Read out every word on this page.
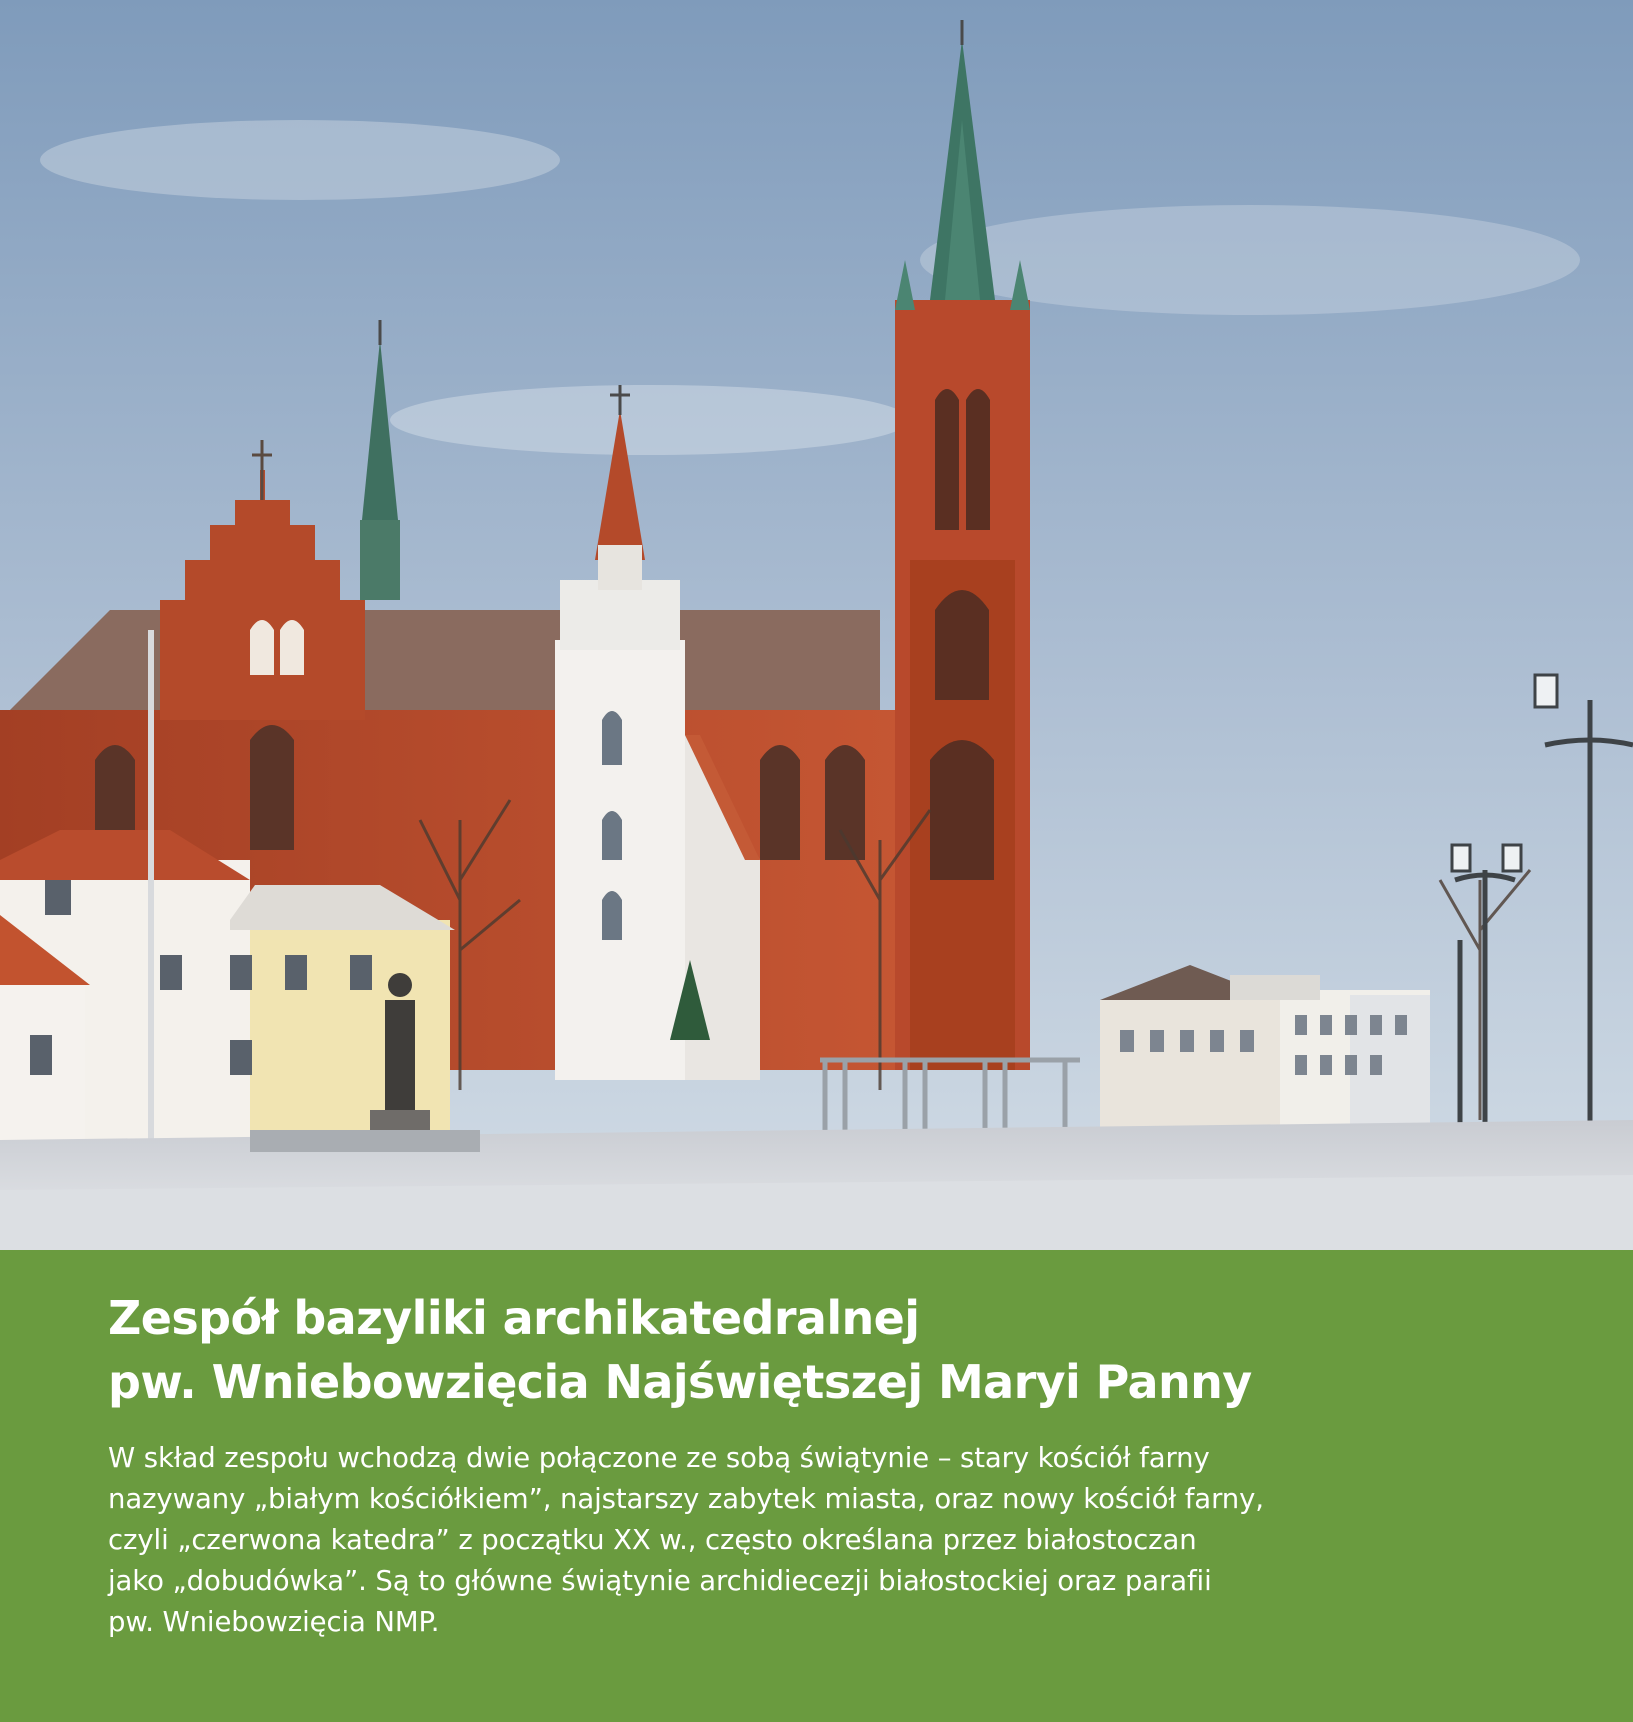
Zespół bazyliki archikatedralnej
pw. Wniebowzięcia Najświętszej Maryi Panny

W skład zespołu wchodzą dwie połączone ze sobą świątynie – stary kościół farny
nazywany „białym kościółkiem”, najstarszy zabytek miasta, oraz nowy kościół farny,
czyli „czerwona katedra” z początku XX w., często określana przez białostoczan
jako „dobudówka”. Są to główne świątynie archidiecezji białostockiej oraz parafii
pw. Wniebowzięcia NMP.
